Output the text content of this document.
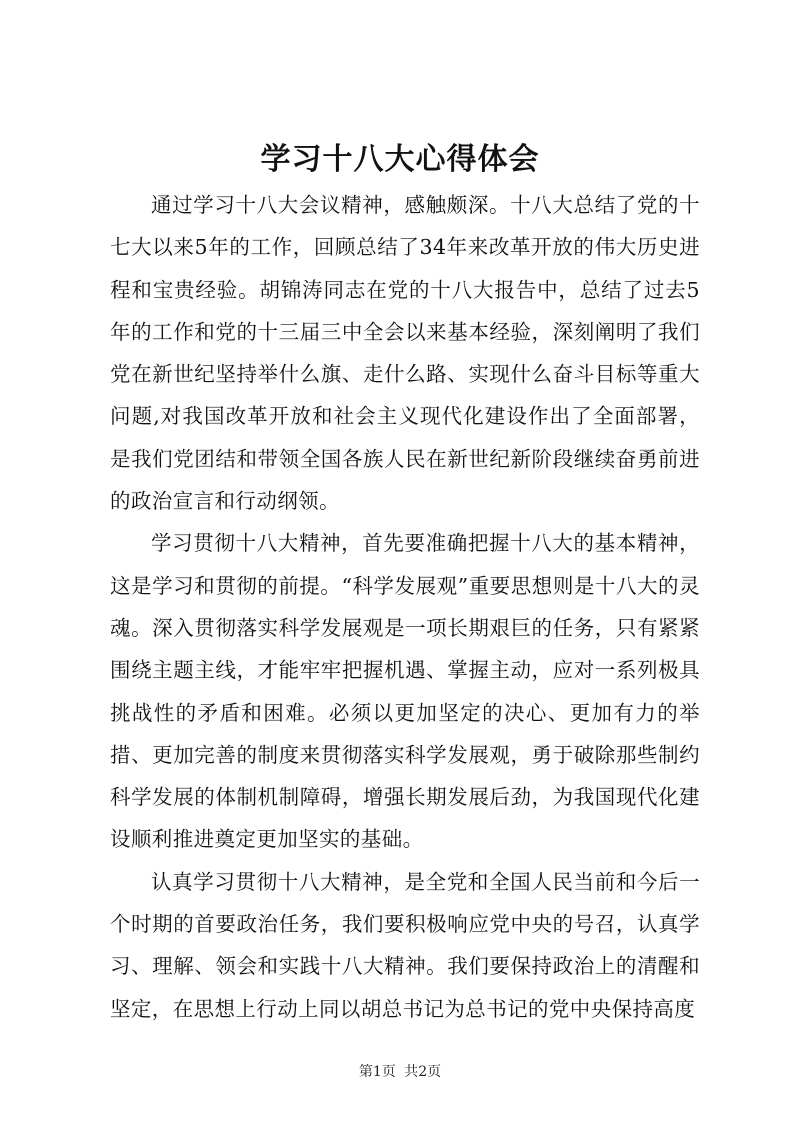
学习十八大心得体会

通过学习十八大会议精神，感触颇深。十八大总结了党的十七大以来5年的工作，回顾总结了34年来改革开放的伟大历史进程和宝贵经验。胡锦涛同志在党的十八大报告中，总结了过去5年的工作和党的十三届三中全会以来基本经验，深刻阐明了我们党在新世纪坚持举什么旗、走什么路、实现什么奋斗目标等重大问题,对我国改革开放和社会主义现代化建设作出了全面部署，是我们党团结和带领全国各族人民在新世纪新阶段继续奋勇前进的政治宣言和行动纲领。

学习贯彻十八大精神，首先要准确把握十八大的基本精神，这是学习和贯彻的前提。“科学发展观”重要思想则是十八大的灵魂。深入贯彻落实科学发展观是一项长期艰巨的任务，只有紧紧围绕主题主线，才能牢牢把握机遇、掌握主动，应对一系列极具挑战性的矛盾和困难。必须以更加坚定的决心、更加有力的举措、更加完善的制度来贯彻落实科学发展观，勇于破除那些制约科学发展的体制机制障碍，增强长期发展后劲，为我国现代化建设顺利推进奠定更加坚实的基础。

认真学习贯彻十八大精神，是全党和全国人民当前和今后一个时期的首要政治任务，我们要积极响应党中央的号召，认真学习、理解、领会和实践十八大精神。我们要保持政治上的清醒和坚定，在思想上行动上同以胡总书记为总书记的党中央保持高度

第1页 共2页
